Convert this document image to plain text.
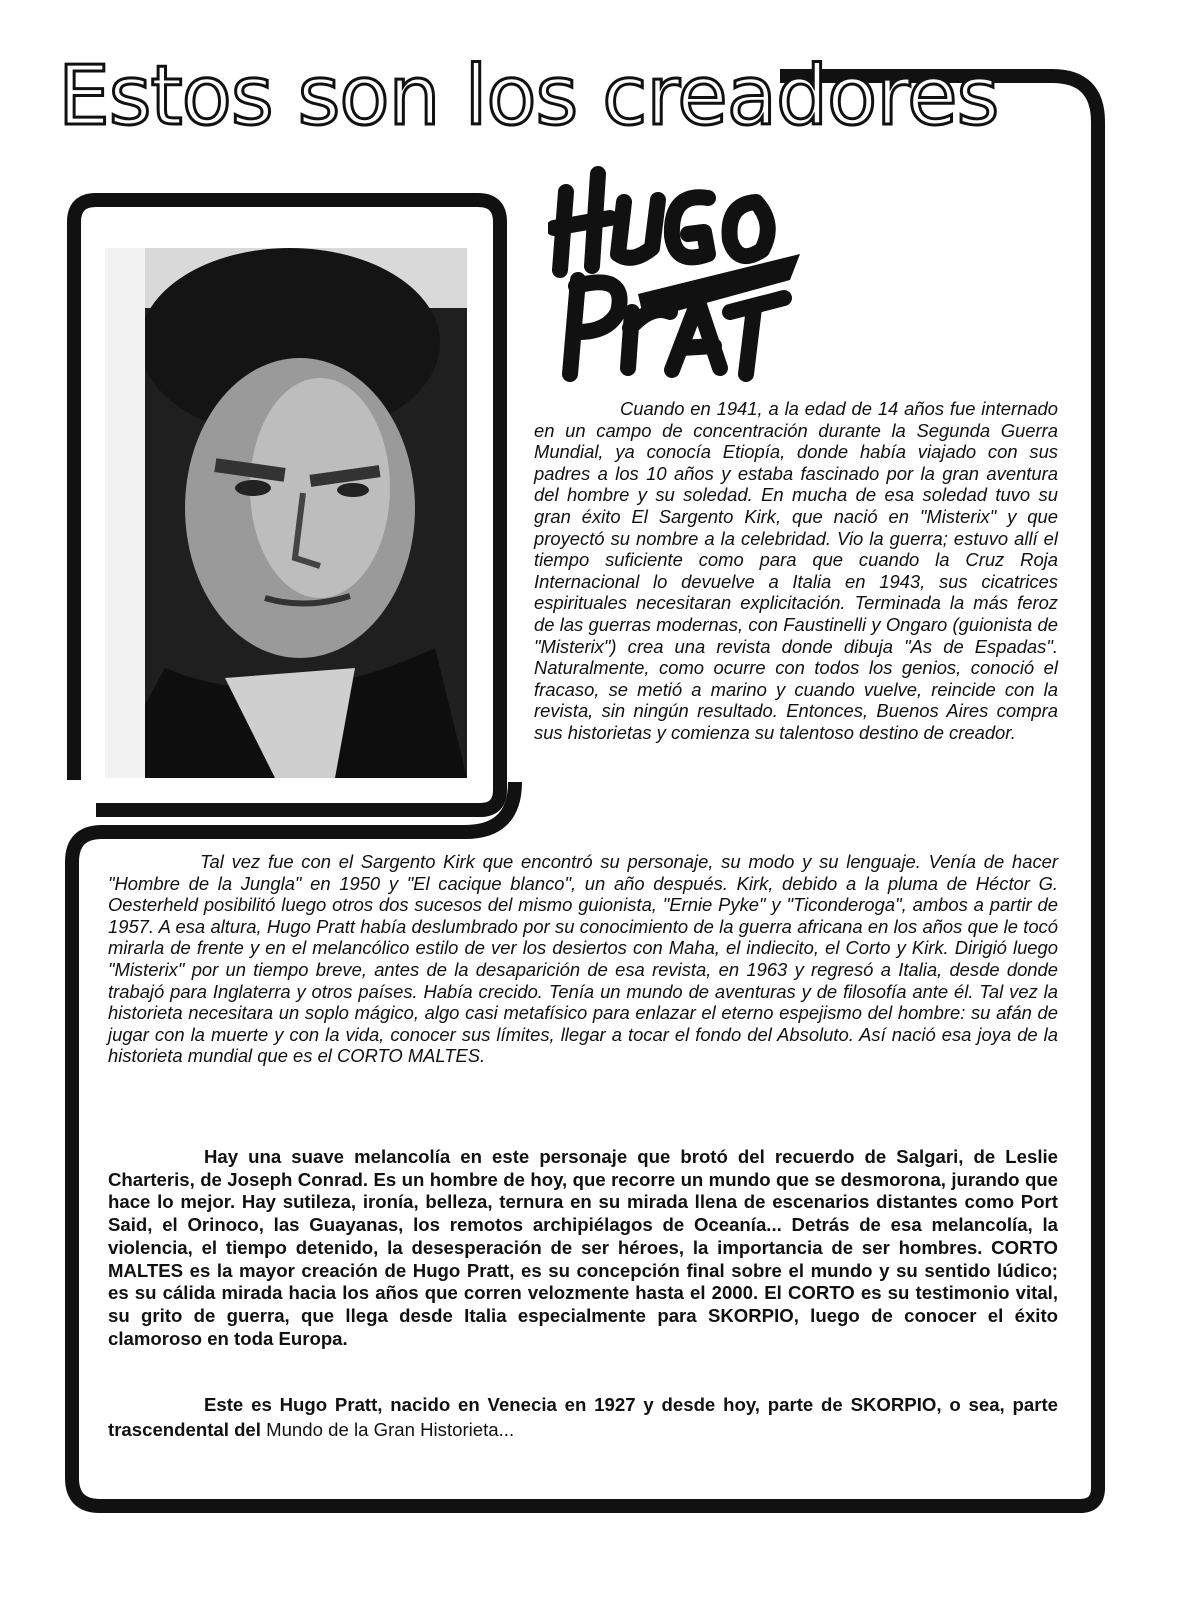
Estos son los creadores

Cuando en 1941, a la edad de 14 años fue internado en un campo de concentración durante la Segunda Guerra Mundial, ya conocía Etiopía, donde había viajado con sus padres a los 10 años y estaba fascinado por la gran aventura del hombre y su soledad. En mucha de esa soledad tuvo su gran éxito El Sargento Kirk, que nació en "Misterix" y que proyectó su nombre a la celebridad. Vio la guerra; estuvo allí el tiempo suficiente como para que cuando la Cruz Roja Internacional lo devuelve a Italia en 1943, sus cicatrices espirituales necesitaran explicitación. Terminada la más feroz de las guerras modernas, con Faustinelli y Ongaro (guionista de "Misterix") crea una revista donde dibuja "As de Espadas". Naturalmente, como ocurre con todos los genios, conoció el fracaso, se metió a marino y cuando vuelve, reincide con la revista, sin ningún resultado. Entonces, Buenos Aires compra sus historietas y comienza su talentoso destino de creador.

Tal vez fue con el Sargento Kirk que encontró su personaje, su modo y su lenguaje. Venía de hacer "Hombre de la Jungla" en 1950 y "El cacique blanco", un año después. Kirk, debido a la pluma de Héctor G. Oesterheld posibilitó luego otros dos sucesos del mismo guionista, "Ernie Pyke" y "Ticonderoga", ambos a partir de 1957. A esa altura, Hugo Pratt había deslumbrado por su conocimiento de la guerra africana en los años que le tocó mirarla de frente y en el melancólico estilo de ver los desiertos con Maha, el indiecito, el Corto y Kirk. Dirigió luego "Misterix" por un tiempo breve, antes de la desaparición de esa revista, en 1963 y regresó a Italia, desde donde trabajó para Inglaterra y otros países. Había crecido. Tenía un mundo de aventuras y de filosofía ante él. Tal vez la historieta necesitara un soplo mágico, algo casi metafísico para enlazar el eterno espejismo del hombre: su afán de jugar con la muerte y con la vida, conocer sus límites, llegar a tocar el fondo del Absoluto. Así nació esa joya de la historieta mundial que es el CORTO MALTES.

Hay una suave melancolía en este personaje que brotó del recuerdo de Salgari, de Leslie Charteris, de Joseph Conrad. Es un hombre de hoy, que recorre un mundo que se desmorona, jurando que hace lo mejor. Hay sutileza, ironía, belleza, ternura en su mirada llena de escenarios distantes como Port Said, el Orinoco, las Guayanas, los remotos archipiélagos de Oceanía... Detrás de esa melancolía, la violencia, el tiempo detenido, la desesperación de ser héroes, la importancia de ser hombres. CORTO MALTES es la mayor creación de Hugo Pratt, es su concepción final sobre el mundo y su sentido lúdico; es su cálida mirada hacia los años que corren velozmente hasta el 2000. El CORTO es su testimonio vital, su grito de guerra, que llega desde Italia especialmente para SKORPIO, luego de conocer el éxito clamoroso en toda Europa.

Este es Hugo Pratt, nacido en Venecia en 1927 y desde hoy, parte de SKORPIO, o sea, parte trascendental del Mundo de la Gran Historieta...
